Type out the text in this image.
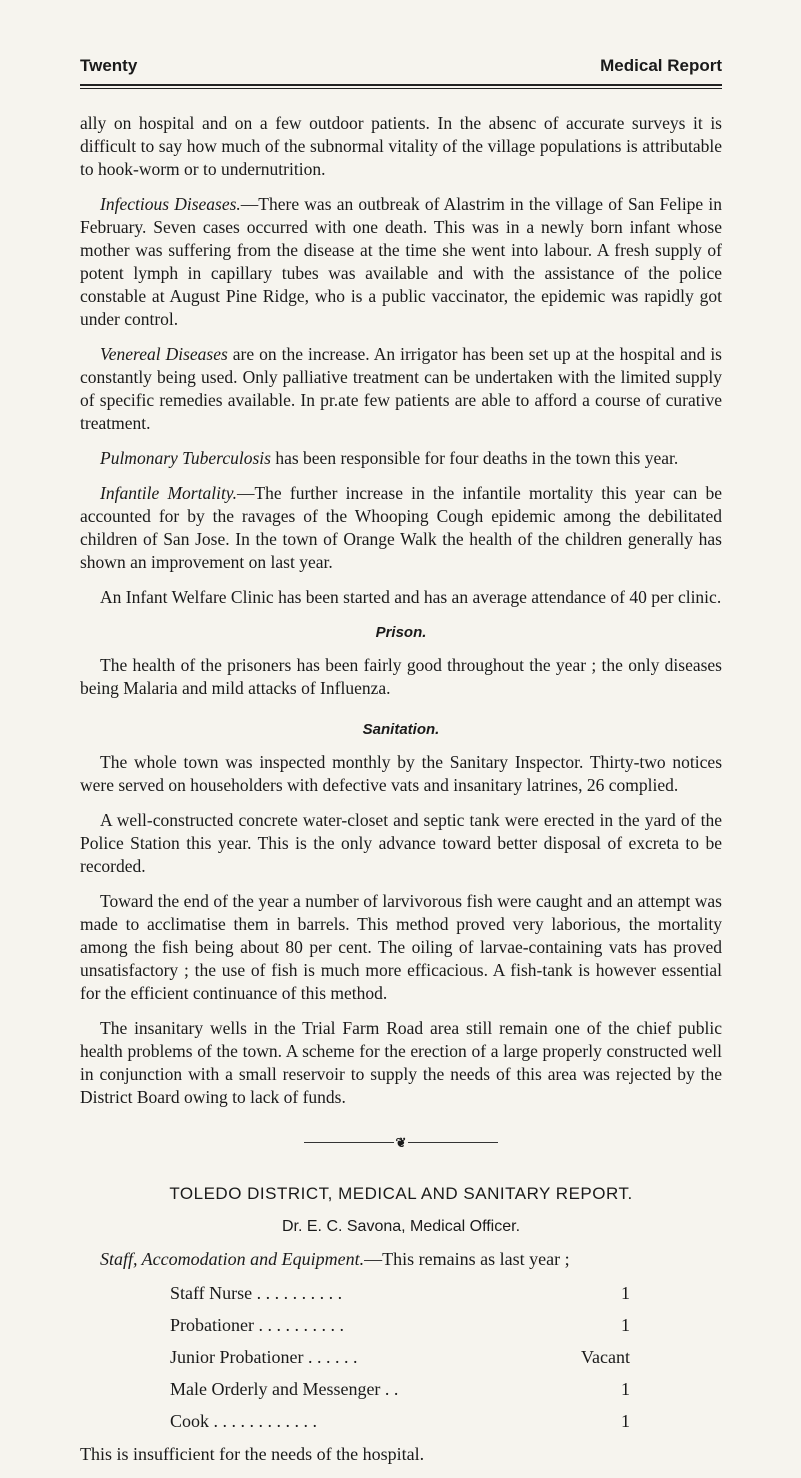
Twenty	Medical Report

ally on hospital and on a few outdoor patients. In the absenc of accurate surveys it is difficult to say how much of the subnormal vitality of the village populations is attributable to hook-worm or to undernutrition.

Infectious Diseases.—There was an outbreak of Alastrim in the village of San Felipe in February. Seven cases occurred with one death. This was in a newly born infant whose mother was suffering from the disease at the time she went into labour. A fresh supply of potent lymph in capillary tubes was available and with the assistance of the police constable at August Pine Ridge, who is a public vaccinator, the epidemic was rapidly got under control.

Venereal Diseases are on the increase. An irrigator has been set up at the hospital and is constantly being used. Only palliative treatment can be undertaken with the limited supply of specific remedies available. In pr.ate few patients are able to afford a course of curative treatment.

Pulmonary Tuberculosis has been responsible for four deaths in the town this year.

Infantile Mortality.—The further increase in the infantile mortality this year can be accounted for by the ravages of the Whooping Cough epidemic among the debilitated children of San Jose. In the town of Orange Walk the health of the children generally has shown an improvement on last year.

An Infant Welfare Clinic has been started and has an average attendance of 40 per clinic.

Prison.

The health of the prisoners has been fairly good throughout the year ; the only diseases being Malaria and mild attacks of Influenza.

Sanitation.

The whole town was inspected monthly by the Sanitary Inspector. Thirty-two notices were served on householders with defective vats and insanitary latrines, 26 complied.

A well-constructed concrete water-closet and septic tank were erected in the yard of the Police Station this year. This is the only advance toward better disposal of excreta to be recorded.

Toward the end of the year a number of larvivorous fish were caught and an attempt was made to acclimatise them in barrels. This method proved very laborious, the mortality among the fish being about 80 per cent. The oiling of larvae-containing vats has proved unsatisfactory ; the use of fish is much more efficacious. A fish-tank is however essential for the efficient continuance of this method.

The insanitary wells in the Trial Farm Road area still remain one of the chief public health problems of the town. A scheme for the erection of a large properly constructed well in conjunction with a small reservoir to supply the needs of this area was rejected by the District Board owing to lack of funds.

❦
TOLEDO DISTRICT, MEDICAL AND SANITARY REPORT.
Dr. E. C. Savona, Medical Officer.

Staff, Accomodation and Equipment.—This remains as last year ;

Staff Nurse . . . . . . . . . .	1
Probationer . . . . . . . . . .	1
Junior Probationer . . . . . .	Vacant
Male Orderly and Messenger . .	1
Cook . . . . . . . . . . . .	1

This is insufficient for the needs of the hospital.
